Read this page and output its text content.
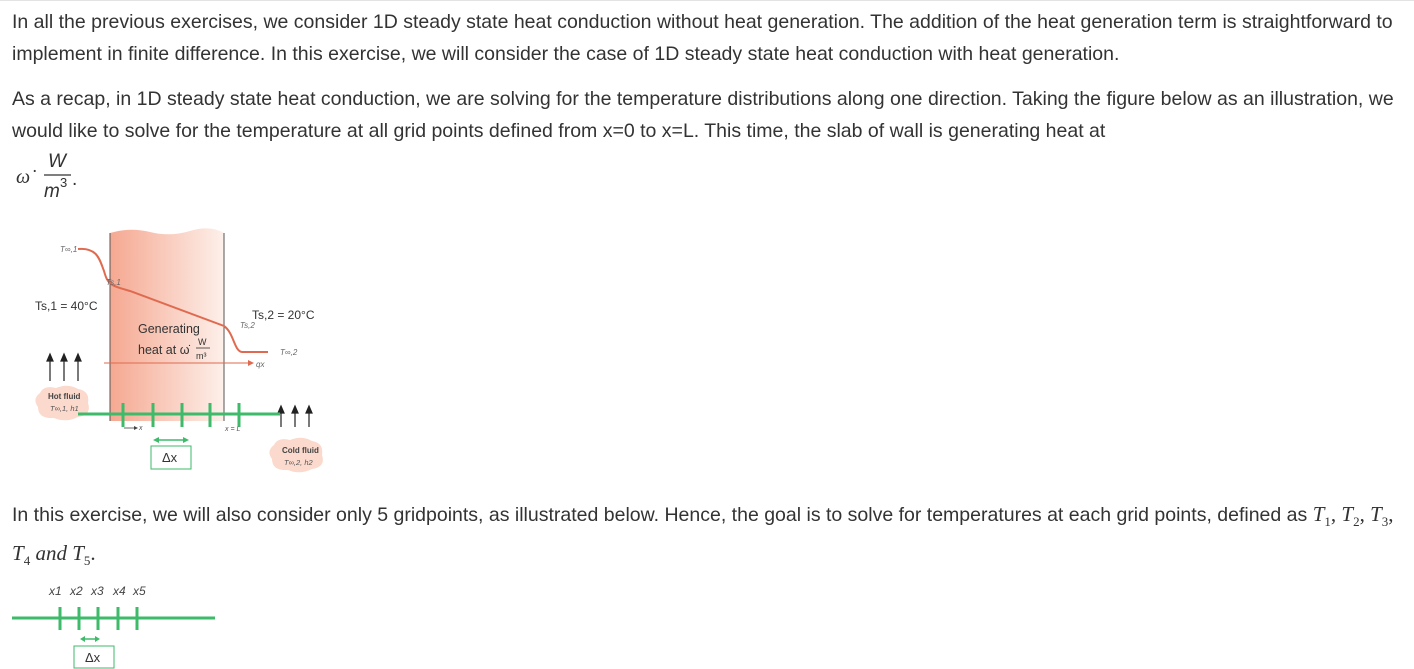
In all the previous exercises, we consider 1D steady state heat conduction without heat generation. The addition of the heat generation term is straightforward to implement in finite difference. In this exercise, we will consider the case of 1D steady state heat conduction with heat generation.

As a recap, in 1D steady state heat conduction, we are solving for the temperature distributions along one direction. Taking the figure below as an illustration, we would like to solve for the temperature at all grid points defined from x=0 to x=L. This time, the slab of wall is generating heat at

ω̇
W
m 3 .
qx
T∞,1
Ts,1
Ts,1 = 40°C
Ts,2
Ts,2 = 20°C
T∞,2
Generating
heat at ω̇
W
m³
Hot fluid
T∞,1, h1
Cold fluid
T∞,2, h2
x	x = L
Δx

In this exercise, we will also consider only 5 gridpoints, as illustrated below. Hence, the goal is to solve for temperatures at each grid points, defined as $T_1$, $T_2$, $T_3$, $T_4$ and $T_5$.

x1 x2 x3 x4 x5
Δx
